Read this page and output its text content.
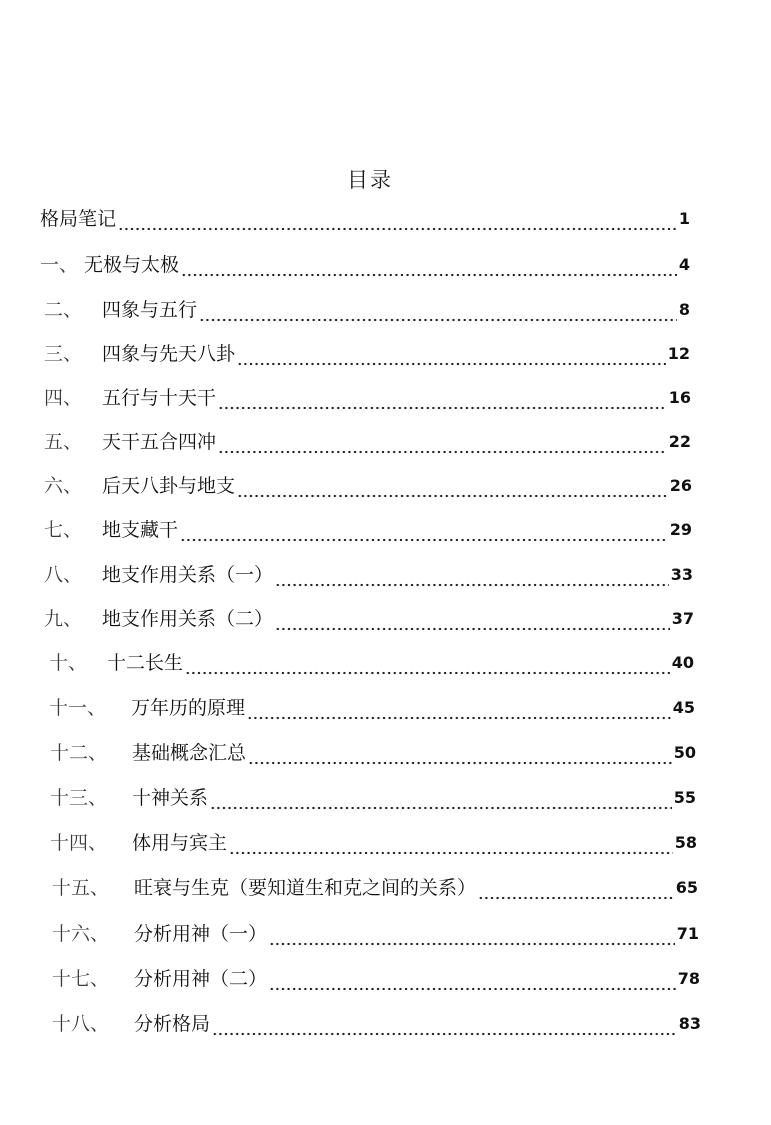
目录
格局笔记	1
一、 无极与太极	4
二、	四象与五行	8
三、	四象与先天八卦	12
四、	五行与十天干	16
五、	天干五合四冲	22
六、	后天八卦与地支	26
七、	地支藏干	29
八、	地支作用关系（一）	33
九、	地支作用关系（二）	37
十、	十二长生	40
十一、	万年历的原理	45
十二、	基础概念汇总	50
十三、	十神关系	55
十四、	体用与宾主	58
十五、	旺衰与生克（要知道生和克之间的关系）	65
十六、	分析用神（一）	71
十七、	分析用神（二）	78
十八、	分析格局	83
